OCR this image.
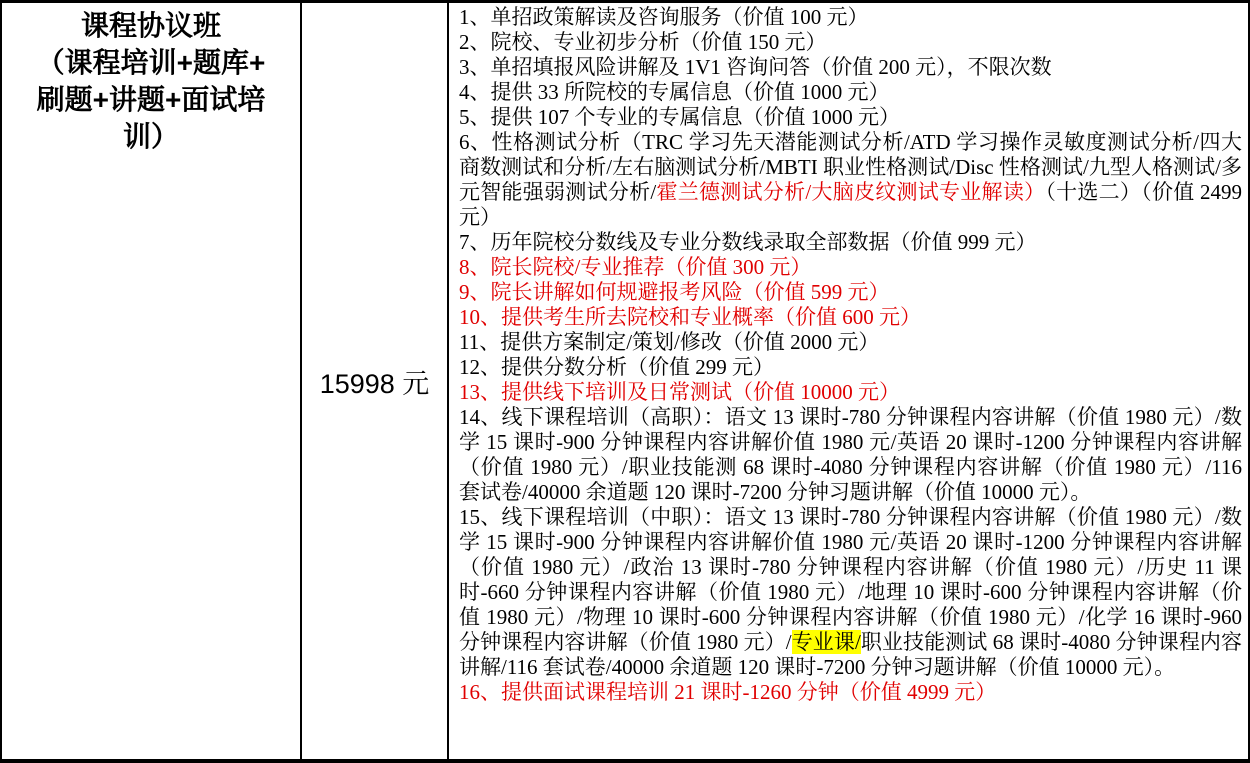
课程协议班
（课程培训+题库+
刷题+讲题+面试培
训）
15998 元
1、单招政策解读及咨询服务（价值 100 元）
2、院校、专业初步分析（价值 150 元）
3、单招填报风险讲解及 1V1 咨询问答（价值 200 元），不限次数
4、提供 33 所院校的专属信息（价值 1000 元）
5、提供 107 个专业的专属信息（价值 1000 元）
6、性格测试分析（TRC 学习先天潜能测试分析/ATD 学习操作灵敏度测试分析/四大商数测试和分析/左右脑测试分析/MBTI 职业性格测试/Disc 性格测试/九型人格测试/多元智能强弱测试分析/霍兰德测试分析/大脑皮纹测试专业解读）（十选二）（价值 2499 元）
7、历年院校分数线及专业分数线录取全部数据（价值 999 元）
8、院长院校/专业推荐（价值 300 元）
9、院长讲解如何规避报考风险（价值 599 元）
10、提供考生所去院校和专业概率（价值 600 元）
11、提供方案制定/策划/修改（价值 2000 元）
12、提供分数分析（价值 299 元）
13、提供线下培训及日常测试（价值 10000 元）
14、线下课程培训（高职）：语文 13 课时-780 分钟课程内容讲解（价值 1980 元）/数学 15 课时-900 分钟课程内容讲解价值 1980 元/英语 20 课时-1200 分钟课程内容讲解（价值 1980 元）/职业技能测 68 课时-4080 分钟课程内容讲解（价值 1980 元）/116 套试卷/40000 余道题 120 课时-7200 分钟习题讲解（价值 10000 元）。
15、线下课程培训（中职）：语文 13 课时-780 分钟课程内容讲解（价值 1980 元）/数学 15 课时-900 分钟课程内容讲解价值 1980 元/英语 20 课时-1200 分钟课程内容讲解（价值 1980 元）/政治 13 课时-780 分钟课程内容讲解（价值 1980 元）/历史 11 课时-660 分钟课程内容讲解（价值 1980 元）/地理 10 课时-600 分钟课程内容讲解（价值 1980 元）/物理 10 课时-600 分钟课程内容讲解（价值 1980 元）/化学 16 课时-960 分钟课程内容讲解（价值 1980 元）/专业课/职业技能测试 68 课时-4080 分钟课程内容讲解/116 套试卷/40000 余道题 120 课时-7200 分钟习题讲解（价值 10000 元）。
16、提供面试课程培训 21 课时-1260 分钟（价值 4999 元）
